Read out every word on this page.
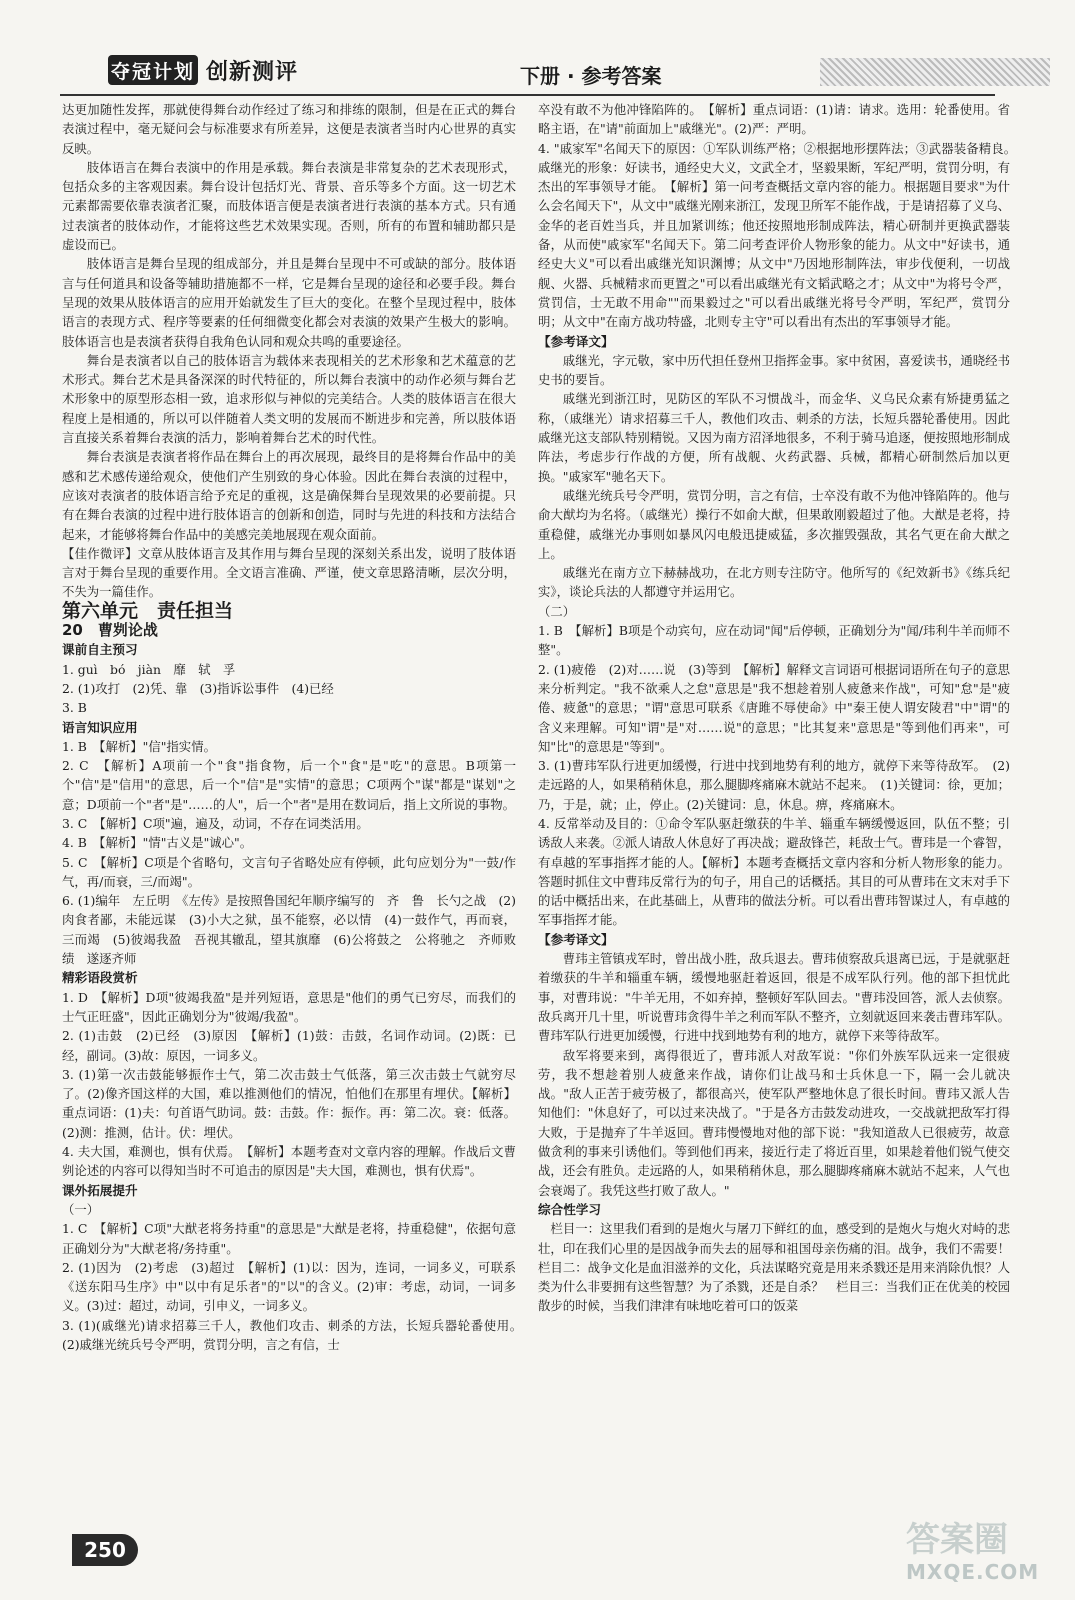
夺冠计划 创新测评	下册 · 参考答案

达更加随性发挥，那就使得舞台动作经过了练习和排练的限制，但是在正式的舞台表演过程中，毫无疑问会与标准要求有所差异，这便是表演者当时内心世界的真实反映。

肢体语言在舞台表演中的作用是承载。舞台表演是非常复杂的艺术表现形式，包括众多的主客观因素。舞台设计包括灯光、背景、音乐等多个方面。这一切艺术元素都需要依靠表演者汇聚，而肢体语言便是表演者进行表演的基本方式。只有通过表演者的肢体动作，才能将这些艺术效果实现。否则，所有的布置和辅助都只是虚设而已。

肢体语言是舞台呈现的组成部分，并且是舞台呈现中不可或缺的部分。肢体语言与任何道具和设备等辅助措施都不一样，它是舞台呈现的途径和必要手段。舞台呈现的效果从肢体语言的应用开始就发生了巨大的变化。在整个呈现过程中，肢体语言的表现方式、程序等要素的任何细微变化都会对表演的效果产生极大的影响。肢体语言也是表演者获得自我角色认同和观众共鸣的重要途径。

舞台是表演者以自己的肢体语言为载体来表现相关的艺术形象和艺术蕴意的艺术形式。舞台艺术是具备深深的时代特征的，所以舞台表演中的动作必须与舞台艺术形象中的原型形态相一致，追求形似与神似的完美结合。人类的肢体语言在很大程度上是相通的，所以可以伴随着人类文明的发展而不断进步和完善，所以肢体语言直接关系着舞台表演的活力，影响着舞台艺术的时代性。

舞台表演是表演者将作品在舞台上的再次展现，最终目的是将舞台作品中的美感和艺术感传递给观众，使他们产生别致的身心体验。因此在舞台表演的过程中，应该对表演者的肢体语言给予充足的重视，这是确保舞台呈现效果的必要前提。只有在舞台表演的过程中进行肢体语言的创新和创造，同时与先进的科技和方法结合起来，才能够将舞台作品中的美感完美地展现在观众面前。

【佳作微评】文章从肢体语言及其作用与舞台呈现的深刻关系出发，说明了肢体语言对于舞台呈现的重要作用。全文语言准确、严谨，使文章思路清晰，层次分明，不失为一篇佳作。

第六单元　责任担当

20　曹刿论战

课前自主预习

1. guì　bó　jiàn　靡　轼　孚

2. (1)攻打　(2)凭、靠　(3)指诉讼事件　(4)已经

3. B

语言知识应用

1. B　【解析】"信"指实情。

2. C　【解析】A项前一个"食"指食物，后一个"食"是"吃"的意思。B项第一个"信"是"信用"的意思，后一个"信"是"实情"的意思；C项两个"谋"都是"谋划"之意；D项前一个"者"是"……的人"，后一个"者"是用在数词后，指上文所说的事物。

3. C　【解析】C项"遍，遍及，动词，不存在词类活用。

4. B　【解析】"情"古义是"诚心"。

5. C　【解析】C项是个省略句，文言句子省略处应有停顿，此句应划分为"一鼓/作气，再/而衰，三/而竭"。

6. (1)编年　左丘明　《左传》是按照鲁国纪年顺序编写的　齐　鲁　长勺之战　(2)肉食者鄙，未能远谋　(3)小大之狱，虽不能察，必以情　(4)一鼓作气，再而衰，三而竭　(5)彼竭我盈　吾视其辙乱，望其旗靡　(6)公将鼓之　公将驰之　齐师败绩　遂逐齐师

精彩语段赏析

1. D　【解析】D项"彼竭我盈"是并列短语，意思是"他们的勇气已穷尽，而我们的士气正旺盛"，因此正确划分为"彼竭/我盈"。

2. (1)击鼓　(2)已经　(3)原因　【解析】(1)鼓：击鼓，名词作动词。(2)既：已经，副词。(3)故：原因，一词多义。

3. (1)第一次击鼓能够振作士气，第二次击鼓士气低落，第三次击鼓士气就穷尽了。(2)像齐国这样的大国，难以推测他们的情况，怕他们在那里有埋伏。【解析】重点词语：(1)夫：句首语气助词。鼓：击鼓。作：振作。再：第二次。衰：低落。(2)测：推测，估计。伏：埋伏。

4. 夫大国，难测也，惧有伏焉。　【解析】本题考查对文章内容的理解。作战后文曹刿论述的内容可以得知当时不可追击的原因是"夫大国，难测也，惧有伏焉"。

课外拓展提升

（一）

1. C　【解析】C项"大猷老将务持重"的意思是"大猷是老将，持重稳健"，依据句意正确划分为"大猷老将/务持重"。

2. (1)因为　(2)考虑　(3)超过　【解析】(1)以：因为，连词，一词多义，可联系《送东阳马生序》中"以中有足乐者"的"以"的含义。(2)审：考虑，动词，一词多义。(3)过：超过，动词，引申义，一词多义。

3. (1)(戚继光)请求招募三千人，教他们攻击、刺杀的方法，长短兵器轮番使用。　(2)戚继光统兵号令严明，赏罚分明，言之有信，士

卒没有敢不为他冲锋陷阵的。　【解析】重点词语：(1)请：请求。选用：轮番使用。省略主语，在"请"前面加上"戚继光"。(2)严：严明。

4. "戚家军"名闻天下的原因：①军队训练严格；②根据地形摆阵法；③武器装备精良。　戚继光的形象：好读书，通经史大义，文武全才，坚毅果断，军纪严明，赏罚分明，有杰出的军事领导才能。　【解析】第一问考查概括文章内容的能力。根据题目要求"为什么会名闻天下"，从文中"戚继光刚来浙江，发现卫所军不能作战，于是请招募了义乌、金华的老百姓当兵，并且加紧训练；他还按照地形制成阵法，精心研制并更换武器装备，从而使"戚家军"名闻天下。第二问考查评价人物形象的能力。从文中"好读书，通经史大义"可以看出戚继光知识渊博；从文中"乃因地形制阵法，审步伐便利，一切战舰、火器、兵械精求而更置之"可以看出戚继光有文韬武略之才；从文中"为将号令严，赏罚信，士无敢不用命""而果毅过之"可以看出戚继光将号令严明，军纪严，赏罚分明；从文中"在南方战功特盛，北则专主守"可以看出有杰出的军事领导才能。

【参考译文】

戚继光，字元敬，家中历代担任登州卫指挥金事。家中贫困，喜爱读书，通晓经书史书的要旨。

戚继光到浙江时，见防区的军队不习惯战斗，而金华、义乌民众素有矫捷勇猛之称，（戚继光）请求招募三千人，教他们攻击、刺杀的方法，长短兵器轮番使用。因此戚继光这支部队特别精锐。又因为南方沼泽地很多，不利于骑马追逐，便按照地形制成阵法，考虑步行作战的方便，所有战舰、火药武器、兵械，都精心研制然后加以更换。"戚家军"驰名天下。

戚继光统兵号令严明，赏罚分明，言之有信，士卒没有敢不为他冲锋陷阵的。他与俞大猷均为名将。（戚继光）操行不如俞大猷，但果敢刚毅超过了他。大猷是老将，持重稳健，戚继光办事则如暴风闪电般迅捷威猛，多次摧毁强敌，其名气更在俞大猷之上。

戚继光在南方立下赫赫战功，在北方则专注防守。他所写的《纪效新书》《练兵纪实》，谈论兵法的人都遵守并运用它。

（二）

1. B　【解析】B项是个动宾句，应在动词"闻"后停顿，正确划分为"闻/玮利牛羊而师不整"。

2. (1)疲倦　(2)对……说　(3)等到　【解析】解释文言词语可根据词语所在句子的意思来分析判定。"我不欲乘人之怠"意思是"我不想趁着别人疲惫来作战"，可知"怠"是"疲倦、疲惫"的意思；"谓"意思可联系《唐雎不辱使命》中"秦王使人谓安陵君"中"谓"的含义来理解。可知"谓"是"对……说"的意思；"比其复来"意思是"等到他们再来"，可知"比"的意思是"等到"。

3. (1)曹玮军队行进更加缓慢，行进中找到地势有利的地方，就停下来等待敌军。　(2)走远路的人，如果稍稍休息，那么腿脚疼痛麻木就站不起来。　(1)关键词：徐，更加；乃，于是，就；止，停止。(2)关键词：息，休息。痹，疼痛麻木。

4. 反常举动及目的：①命令军队驱赶缴获的牛羊、辎重车辆缓慢返回，队伍不整；引诱敌人来袭。②派人请敌人休息好了再决战；避敌锋芒，耗敌士气。曹玮是一个睿智，有卓越的军事指挥才能的人。【解析】本题考查概括文章内容和分析人物形象的能力。答题时抓住文中曹玮反常行为的句子，用自己的话概括。其目的可从曹玮在文末对手下的话中概括出来，在此基础上，从曹玮的做法分析。可以看出曹玮智谋过人，有卓越的军事指挥才能。

【参考译文】

曹玮主管镇戎军时，曾出战小胜，敌兵退去。曹玮侦察敌兵退离已远，于是就驱赶着缴获的牛羊和辎重车辆，缓慢地驱赶着返回，很是不成军队行列。他的部下担忧此事，对曹玮说："牛羊无用，不如弃掉，整顿好军队回去。"曹玮没回答，派人去侦察。敌兵离开几十里，听说曹玮贪得牛羊之利而军队不整齐，立刻就返回来袭击曹玮军队。曹玮军队行进更加缓慢，行进中找到地势有利的地方，就停下来等待敌军。

敌军将要来到，离得很近了，曹玮派人对敌军说："你们外族军队远来一定很疲劳，我不想趁着别人疲惫来作战，请你们让战马和士兵休息一下，隔一会儿就决战。"敌人正苦于疲劳极了，都很高兴，使军队严整地休息了很长时间。曹玮又派人告知他们："休息好了，可以过来决战了。"于是各方击鼓发动进攻，一交战就把敌军打得大败，于是抛弃了牛羊返回。曹玮慢慢地对他的部下说："我知道敌人已很疲劳，故意做贪利的事来引诱他们。等到他们再来，接近行走了将近百里，如果趁着他们锐气使交战，还会有胜负。走远路的人，如果稍稍休息，那么腿脚疼痛麻木就站不起来，人气也会衰竭了。我凭这些打败了敌人。"

综合性学习

　栏目一：这里我们看到的是炮火与屠刀下鲜红的血，感受到的是炮火与炮火对峙的悲壮，印在我们心里的是因战争而失去的屈辱和祖国母亲伤痛的泪。战争，我们不需要！　栏目二：战争文化是血泪滋养的文化，兵法谋略究竟是用来杀戮还是用来消除仇恨？人类为什么非要拥有这些智慧？为了杀戮，还是自杀？　栏目三：当我们正在优美的校园散步的时候，当我们津津有味地吃着可口的饭菜

250	答案圈
MXQE.COM
